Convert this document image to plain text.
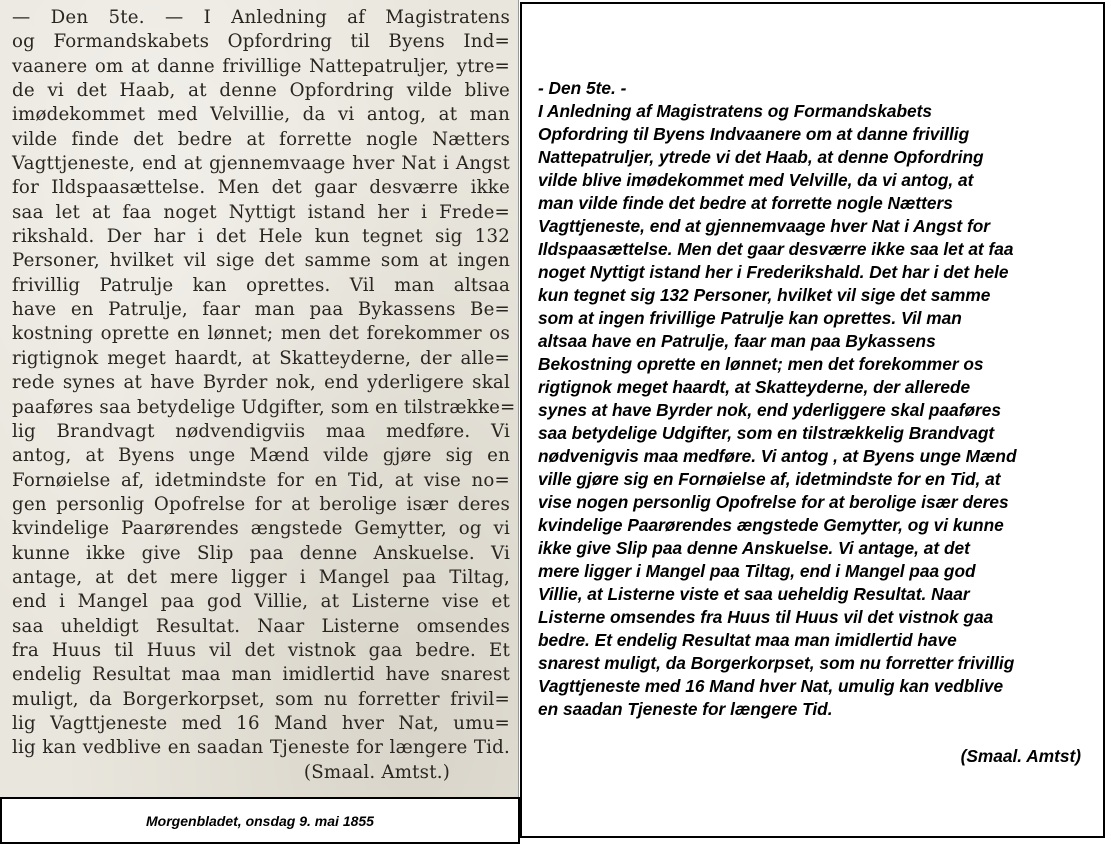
— Den 5te. — I Anledning af Magistratens
og Formandskabets Opfordring til Byens Ind=
vaanere om at danne frivillige Nattepatruljer, ytre=
de vi det Haab, at denne Opfordring vilde blive
imødekommet med Velvillie, da vi antog, at man
vilde finde det bedre at forrette nogle Nætters
Vagttjeneste, end at gjennemvaage hver Nat i Angst
for Ildspaasættelse. Men det gaar desværre ikke
saa let at faa noget Nyttigt istand her i Frede=
rikshald. Der har i det Hele kun tegnet sig 132
Personer, hvilket vil sige det samme som at ingen
frivillig Patrulje kan oprettes. Vil man altsaa
have en Patrulje, faar man paa Bykassens Be=
kostning oprette en lønnet; men det forekommer os
rigtignok meget haardt, at Skatteyderne, der alle=
rede synes at have Byrder nok, end yderligere skal
paaføres saa betydelige Udgifter, som en tilstrække=
lig Brandvagt nødvendigviis maa medføre. Vi
antog, at Byens unge Mænd vilde gjøre sig en
Fornøielse af, idetmindste for en Tid, at vise no=
gen personlig Opofrelse for at berolige især deres
kvindelige Paarørendes ængstede Gemytter, og vi
kunne ikke give Slip paa denne Anskuelse. Vi
antage, at det mere ligger i Mangel paa Tiltag,
end i Mangel paa god Villie, at Listerne vise et
saa uheldigt Resultat. Naar Listerne omsendes
fra Huus til Huus vil det vistnok gaa bedre. Et
endelig Resultat maa man imidlertid have snarest
muligt, da Borgerkorpset, som nu forretter frivil=
lig Vagttjeneste med 16 Mand hver Nat, umu=
lig kan vedblive en saadan Tjeneste for længere Tid.
(Smaal. Amtst.)
Morgenbladet, onsdag 9. mai 1855
- Den 5te. -
I Anledning af Magistratens og Formandskabets
Opfordring til Byens Indvaanere om at danne frivillig
Nattepatruljer, ytrede vi det Haab, at denne Opfordring
vilde blive imødekommet med Velville, da vi antog, at
man vilde finde det bedre at forrette nogle Nætters
Vagttjeneste, end at gjennemvaage hver Nat i Angst for
Ildspaasættelse. Men det gaar desværre ikke saa let at faa
noget Nyttigt istand her i Frederikshald. Det har i det hele
kun tegnet sig 132 Personer, hvilket vil sige det samme
som at ingen frivillige Patrulje kan oprettes. Vil man
altsaa have en Patrulje, faar man paa Bykassens
Bekostning oprette en lønnet; men det forekommer os
rigtignok meget haardt, at Skatteyderne, der allerede
synes at have Byrder nok, end yderliggere skal paaføres
saa betydelige Udgifter, som en tilstrækkelig Brandvagt
nødvenigvis maa medføre. Vi antog , at Byens unge Mænd
ville gjøre sig en Fornøielse af, idetmindste for en Tid, at
vise nogen personlig Opofrelse for at berolige især deres
kvindelige Paarørendes ængstede Gemytter, og vi kunne
ikke give Slip paa denne Anskuelse. Vi antage, at det
mere ligger i Mangel paa Tiltag, end i Mangel paa god
Villie, at Listerne viste et saa ueheldig Resultat. Naar
Listerne omsendes fra Huus til Huus vil det vistnok gaa
bedre. Et endelig Resultat maa man imidlertid have
snarest muligt, da Borgerkorpset, som nu forretter frivillig
Vagttjeneste med 16 Mand hver Nat, umulig kan vedblive
en saadan Tjeneste for længere Tid.
(Smaal. Amtst)
